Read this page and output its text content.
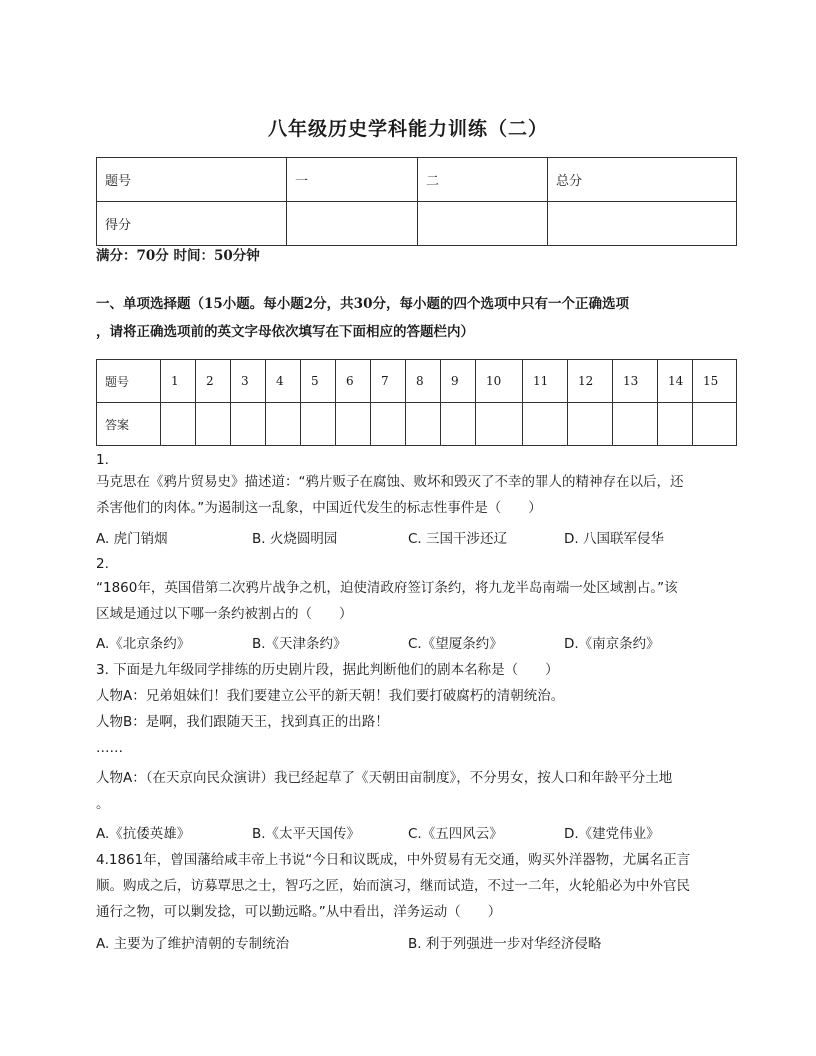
八年级历史学科能力训练（二）
题号	一	二	总分
得分			
满分：70分 时间：50分钟
一、单项选择题（15小题。每小题2分，共30分，每小题的四个选项中只有一个正确选项
，请将正确选项前的英文字母依次填写在下面相应的答题栏内）
题号	1	2	3	4	5	6	7	8	9	10	11	12	13	14	15
答案															
1.
马克思在《鸦片贸易史》描述道：“鸦片贩子在腐蚀、败坏和毁灭了不幸的罪人的精神存在以后，还
杀害他们的肉体。”为遏制这一乱象，中国近代发生的标志性事件是（　　）
A. 虎门销烟	B. 火烧圆明园	C. 三国干涉还辽	D. 八国联军侵华
2.
“1860年，英国借第二次鸦片战争之机，迫使清政府签订条约，将九龙半岛南端一处区域割占。”该
区域是通过以下哪一条约被割占的（　　）
A.《北京条约》	B.《天津条约》	C.《望厦条约》	D.《南京条约》
3. 下面是九年级同学排练的历史剧片段，据此判断他们的剧本名称是（　　）
人物A：兄弟姐妹们！我们要建立公平的新天朝！我们要打破腐朽的清朝统治。
人物B：是啊，我们跟随天王，找到真正的出路！
……
人物A：（在天京向民众演讲）我已经起草了《天朝田亩制度》，不分男女，按人口和年龄平分土地
。
A.《抗倭英雄》	B.《太平天国传》	C.《五四风云》	D.《建党伟业》
4.1861年，曾国藩给咸丰帝上书说“今日和议既成，中外贸易有无交通，购买外洋器物，尤属名正言
顺。购成之后，访募覃思之士，智巧之匠，始而演习，继而试造，不过一二年，火轮船必为中外官民
通行之物，可以剿发捻，可以勤远略。”从中看出，洋务运动（　　）
A. 主要为了维护清朝的专制统治	B. 利于列强进一步对华经济侵略
